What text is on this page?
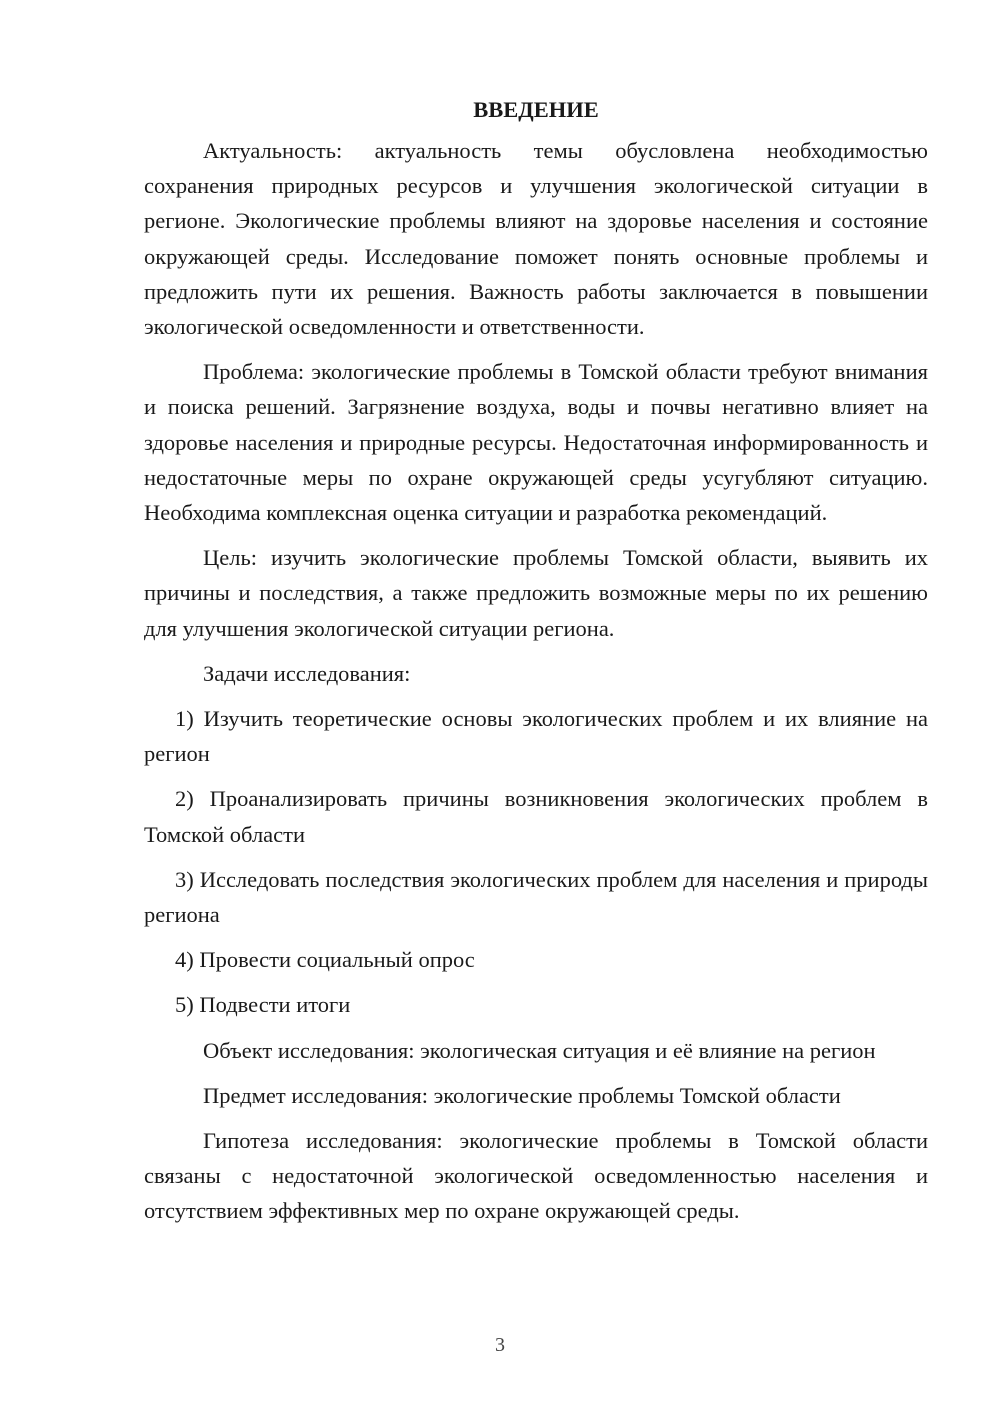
ВВЕДЕНИЕ

Актуальность: актуальность темы обусловлена необходимостью сохранения природных ресурсов и улучшения экологической ситуации в регионе. Экологические проблемы влияют на здоровье населения и состояние окружающей среды. Исследование поможет понять основные проблемы и предложить пути их решения. Важность работы заключается в повышении экологической осведомленности и ответственности.

Проблема: экологические проблемы в Томской области требуют внимания и поиска решений. Загрязнение воздуха, воды и почвы негативно влияет на здоровье населения и природные ресурсы. Недостаточная информированность и недостаточные меры по охране окружающей среды усугубляют ситуацию. Необходима комплексная оценка ситуации и разработка рекомендаций.

Цель: изучить экологические проблемы Томской области, выявить их причины и последствия, а также предложить возможные меры по их решению для улучшения экологической ситуации региона.

Задачи исследования:

1) Изучить теоретические основы экологических проблем и их влияние на регион

2) Проанализировать причины возникновения экологических проблем в Томской области

3) Исследовать последствия экологических проблем для населения и природы региона

4) Провести социальный опрос

5) Подвести итоги

Объект исследования: экологическая ситуация и её влияние на регион

Предмет исследования: экологические проблемы Томской области

Гипотеза исследования: экологические проблемы в Томской области связаны с недостаточной экологической осведомленностью населения и отсутствием эффективных мер по охране окружающей среды.

3
